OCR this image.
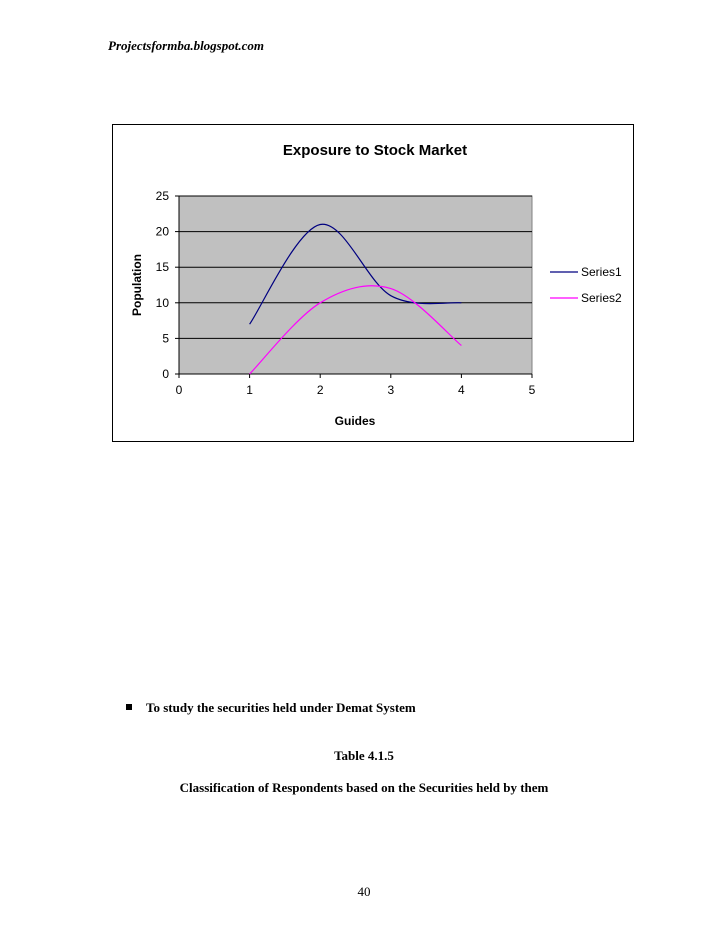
Projectsformba.blogspot.com
Exposure to Stock Market
0
5
10
15
20
25
0	1	2	3	4	5
Guides
Population	Series1
Series2
To study the securities held under Demat System
Table 4.1.5
Classification of Respondents based on the Securities held by them
40
